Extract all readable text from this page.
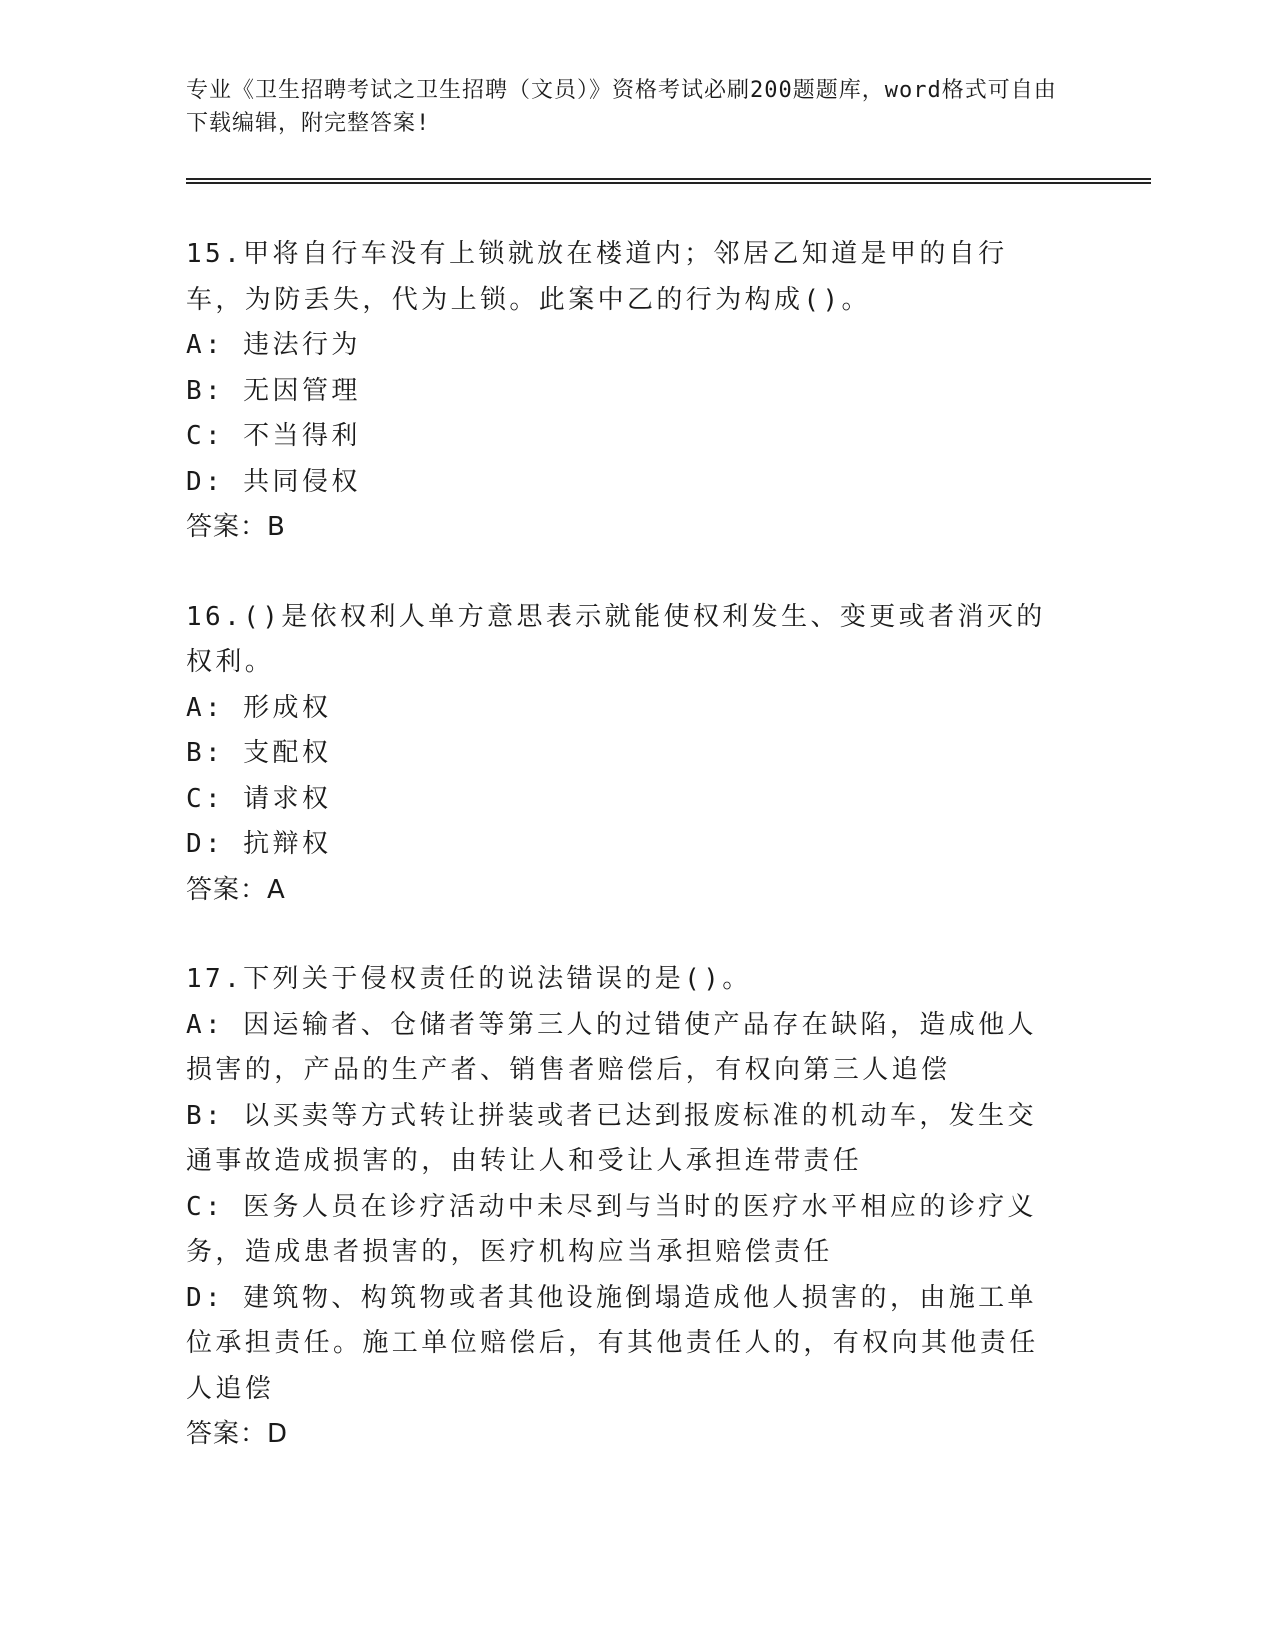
专业《卫生招聘考试之卫生招聘（文员）》资格考试必刷200题题库，word格式可自由下载编辑，附完整答案!
15.甲将自行车没有上锁就放在楼道内；邻居乙知道是甲的自行车，为防丢失，代为上锁。此案中乙的行为构成()。
A: 违法行为
B: 无因管理
C: 不当得利
D: 共同侵权
答案：B
16.()是依权利人单方意思表示就能使权利发生、变更或者消灭的权利。
A: 形成权
B: 支配权
C: 请求权
D: 抗辩权
答案：A
17.下列关于侵权责任的说法错误的是()。
A: 因运输者、仓储者等第三人的过错使产品存在缺陷，造成他人损害的，产品的生产者、销售者赔偿后，有权向第三人追偿
B: 以买卖等方式转让拼装或者已达到报废标准的机动车，发生交通事故造成损害的，由转让人和受让人承担连带责任
C: 医务人员在诊疗活动中未尽到与当时的医疗水平相应的诊疗义务，造成患者损害的，医疗机构应当承担赔偿责任
D: 建筑物、构筑物或者其他设施倒塌造成他人损害的，由施工单位承担责任。施工单位赔偿后，有其他责任人的，有权向其他责任人追偿
答案：D
